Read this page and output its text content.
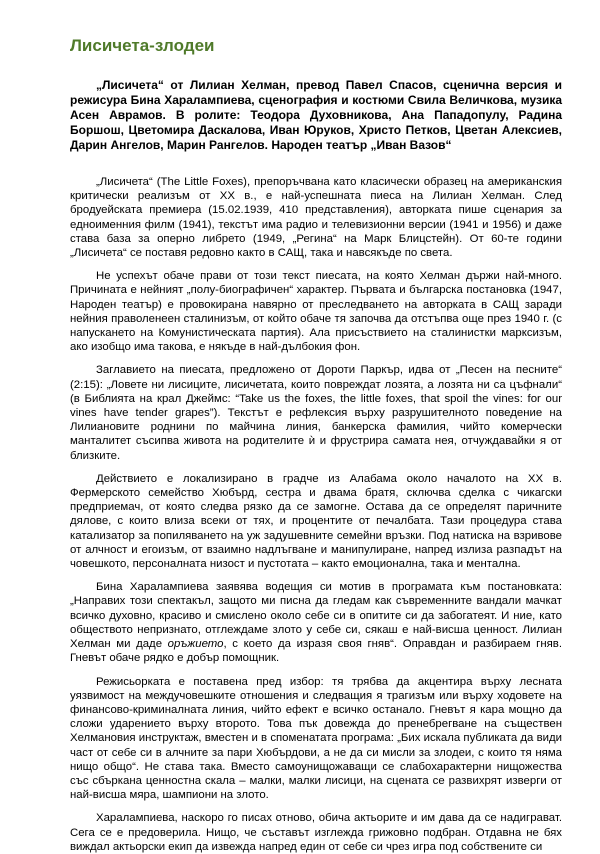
Лисичета-злодеи

„Лисичета“ от Лилиан Хелман, превод Павел Спасов, сценична версия и режисура Бина Харалампиева, сценография и костюми Свила Величкова, музика Асен Аврамов. В ролите: Теодора Духовникова, Ана Пападопулу, Радина Боршош, Цветомира Даскалова, Иван Юруков, Христо Петков, Цветан Алексиев, Дарин Ангелов, Марин Рангелов. Народен театър „Иван Вазов“

„Лисичета“ (The Little Foxes), препоръчвана като класически образец на американския критически реализъм от XX в., е най-успешната пиеса на Лилиан Хелман. След бродуейската премиера (15.02.1939, 410 представления), авторката пише сценария за едноименния филм (1941), текстът има радио и телевизионни версии (1941 и 1956) и даже става база за оперно либрето (1949, „Регина“ на Марк Блицстейн). От 60-те години „Лисичета“ се поставя редовно както в САЩ, така и навсякъде по света.

Не успехът обаче прави от този текст пиесата, на която Хелман държи най-много. Причината е нейният „полу-биографичен“ характер. Първата и българска постановка (1947, Народен театър) е провокирана навярно от преследването на авторката в САЩ заради нейния праволенеен сталинизъм, от който обаче тя започва да отстъпва още през 1940 г. (с напускането на Комунистическата партия). Ала присъствието на сталинистки марксизъм, ако изобщо има такова, е някъде в най-дълбокия фон.

Заглавието на пиесата, предложено от Дороти Паркър, идва от „Песен на песните“ (2:15): „Ловете ни лисиците, лисичетата, които повреждат лозята, а лозята ни са цъфнали“ (в Библията на крал Джеймс: “Take us the foxes, the little foxes, that spoil the vines: for our vines have tender grapes”). Текстът е рефлексия върху разрушителното поведение на Лилиановите роднини по майчина линия, банкерска фамилия, чийто комерчески манталитет съсипва живота на родителите ѝ и фрустрира самата нея, отчуждавайки я от близките.

Действието е локализирано в градче из Алабама около началото на XX в. Фермерското семейство Хюбърд, сестра и двама братя, сключва сделка с чикагски предприемач, от която следва рязко да се замогне. Остава да се определят паричните дялове, с които влиза всеки от тях, и процентите от печалбата. Тази процедура става катализатор за попиляването на уж задушевните семейни връзки. Под натиска на взривове от алчност и егоизъм, от взаимно надлъгване и манипулиране, напред излиза разпадът на човешкото, персоналната низост и пустотата – както емоционална, така и ментална.

Бина Харалампиева заявява водещия си мотив в програмата към постановката: „Направих този спектакъл, защото ми писна да гледам как съвременните вандали мачкат всичко духовно, красиво и смислено около себе си в опитите си да забогатеят. И ние, като обществото непризнато, отглеждаме злото у себе си, сякаш е най-висша ценност. Лилиан Хелман ми даде оръжието, с което да изразя своя гняв“. Оправдан и разбираем гняв. Гневът обаче рядко е добър помощник.

Режисьорката е поставена пред избор: тя трябва да акцентира върху лесната уязвимост на междучовешките отношения и следващия я трагизъм или върху ходовете на финансово-криминалната линия, чийто ефект е всичко останало. Гневът я кара мощно да сложи ударението върху второто. Това пък довежда до пренебрегване на съществен Хелмановия инструктаж, вместен и в споменатата програма: „Бих искала публиката да види част от себе си в алчните за пари Хюбърдови, а не да си мисли за злодеи, с които тя няма нищо общо“. Не става така. Вместо самоунищожаващи се слабохарактерни нищожества със сбъркана ценностна скала – малки, малки лисици, на сцената се развихрят изверги от най-висша мяра, шампиони на злото.

Харалампиева, наскоро го писах отново, обича актьорите и им дава да се надиграват. Сега се е предоверила. Нищо, че съставът изглежда грижовно подбран. Отдавна не бях виждал актьорски екип да извежда напред един от себе си чрез игра под собствените си
